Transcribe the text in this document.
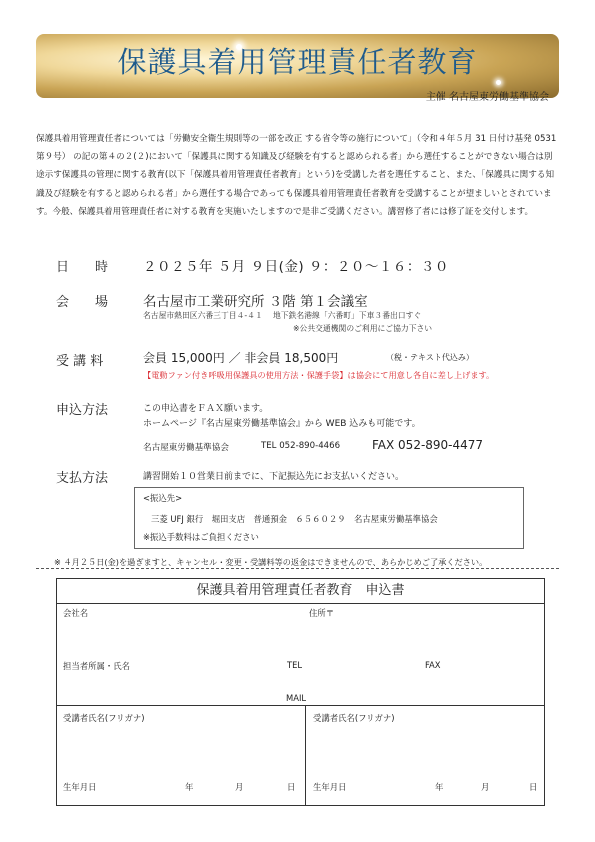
保護具着用管理責任者教育
主催 名古屋東労働基準協会
保護具着用管理責任者については「労働安全衛生規則等の一部を改正 する省令等の施行について」（令和４年５月 31 日付け基発 0531 第９号） の記の第４の２(２)において「保護具に関する知識及び経験を有すると認められる者」から選任することができない場合は別途示す保護具の管理に関する教育(以下「保護具着用管理責任者教育」という)を受講した者を選任すること、また、「保護具に関する知識及び経験を有すると認められる者」から選任する場合であっても保護具着用管理責任者教育を受講することが望ましいとされています。今般、保護具着用管理責任者に対する教育を実施いたしますので是非ご受講ください。講習修了者には修了証を交付します。
日　　時	２０２５年 ５月 ９日(金) ９：２０～１６：３０
会　　場	名古屋市工業研究所 ３階 第１会議室
名古屋市熱田区六番三丁目４-４１　 地下鉄名港線「六番町」下車３番出口すぐ
※公共交通機関のご利用にご協力下さい
受 講 料	会員 15,000円 ／ 非会員 18,500円	（税・テキスト代込み）
【電動ファン付き呼吸用保護具の使用方法・保護手袋】は協会にて用意し各自に差し上げます。
申込方法	この申込書をＦＡＸ願います。
ホームページ『名古屋東労働基準協会』から WEB 込みも可能です。
名古屋東労働基準協会	TEL 052-890-4466	FAX 052-890-4477
支払方法	講習開始１０営業日前までに、下記振込先にお支払いください。
<振込先>
三菱 UFJ 銀行　堀田支店　普通預金　６５６０２９　名古屋東労働基準協会
※振込手数料はご負担ください
※ ４月２５日(金)を過ぎますと、キャンセル・変更・受講料等の返金はできませんので、あらかじめご了承ください。
保護具着用管理責任者教育　申込書
会社名	住所〒
担当者所属・氏名	TEL	FAX
MAIL
受講者氏名(フリガナ)	受講者氏名(フリガナ)
生年月日	年	月	日 生年月日	年	月	日
